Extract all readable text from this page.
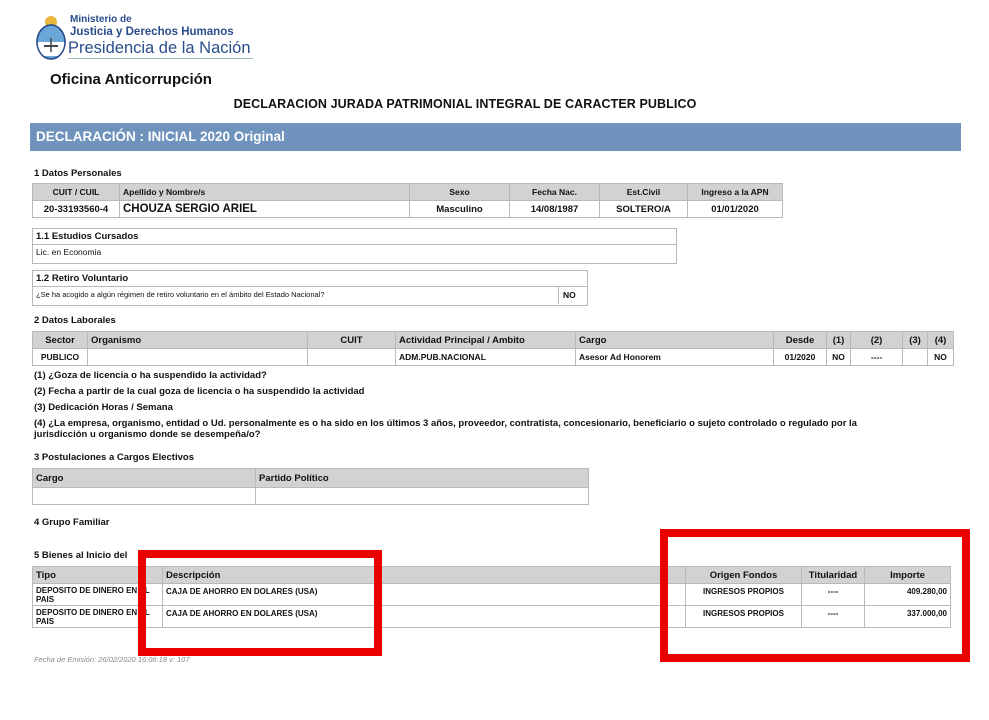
Ministerio de
Justicia y Derechos Humanos
Presidencia de la Nación
Oficina Anticorrupción
DECLARACION JURADA PATRIMONIAL INTEGRAL DE CARACTER PUBLICO
DECLARACIÓN : INICIAL 2020 Original
1 Datos Personales
CUIT / CUIL	Apellido y Nombre/s	Sexo	Fecha Nac.	Est.Civil	Ingreso a la APN
20-33193560-4	CHOUZA SERGIO ARIEL	Masculino	14/08/1987	SOLTERO/A	01/01/2020
1.1 Estudios Cursados
Lic. en Economia
1.2 Retiro Voluntario
¿Se ha acogido a algún régimen de retiro voluntario en el ámbito del Estado Nacional?	NO
2 Datos Laborales
Sector	Organismo	CUIT	Actividad Principal / Ambito	Cargo	Desde	(1)	(2)	(3)	(4)
PUBLICO			ADM.PUB.NACIONAL	Asesor Ad Honorem	01/2020	NO	----		NO
(1) ¿Goza de licencia o ha suspendido la actividad?
(2) Fecha a partir de la cual goza de licencia o ha suspendido la actividad
(3) Dedicación Horas / Semana
(4) ¿La empresa, organismo, entidad o Ud. personalmente es o ha sido en los últimos 3 años, proveedor, contratista, concesionario, beneficiario o sujeto controlado o regulado por la
jurisdicción u organismo donde se desempeña/o?
3 Postulaciones a Cargos Electivos
Cargo	Partido Político

4 Grupo Familiar
5 Bienes al Inicio del
Tipo	Descripción	Origen Fondos	Titularidad	Importe
DEPOSITO DE DINERO EN EL
PAIS	CAJA DE AHORRO EN DOLARES (USA)	INGRESOS PROPIOS	----	409.280,00
DEPOSITO DE DINERO EN EL
PAIS	CAJA DE AHORRO EN DOLARES (USA)	INGRESOS PROPIOS	----	337.000,00
Fecha de Emisión: 26/02/2020 16:06:18 v: 107
